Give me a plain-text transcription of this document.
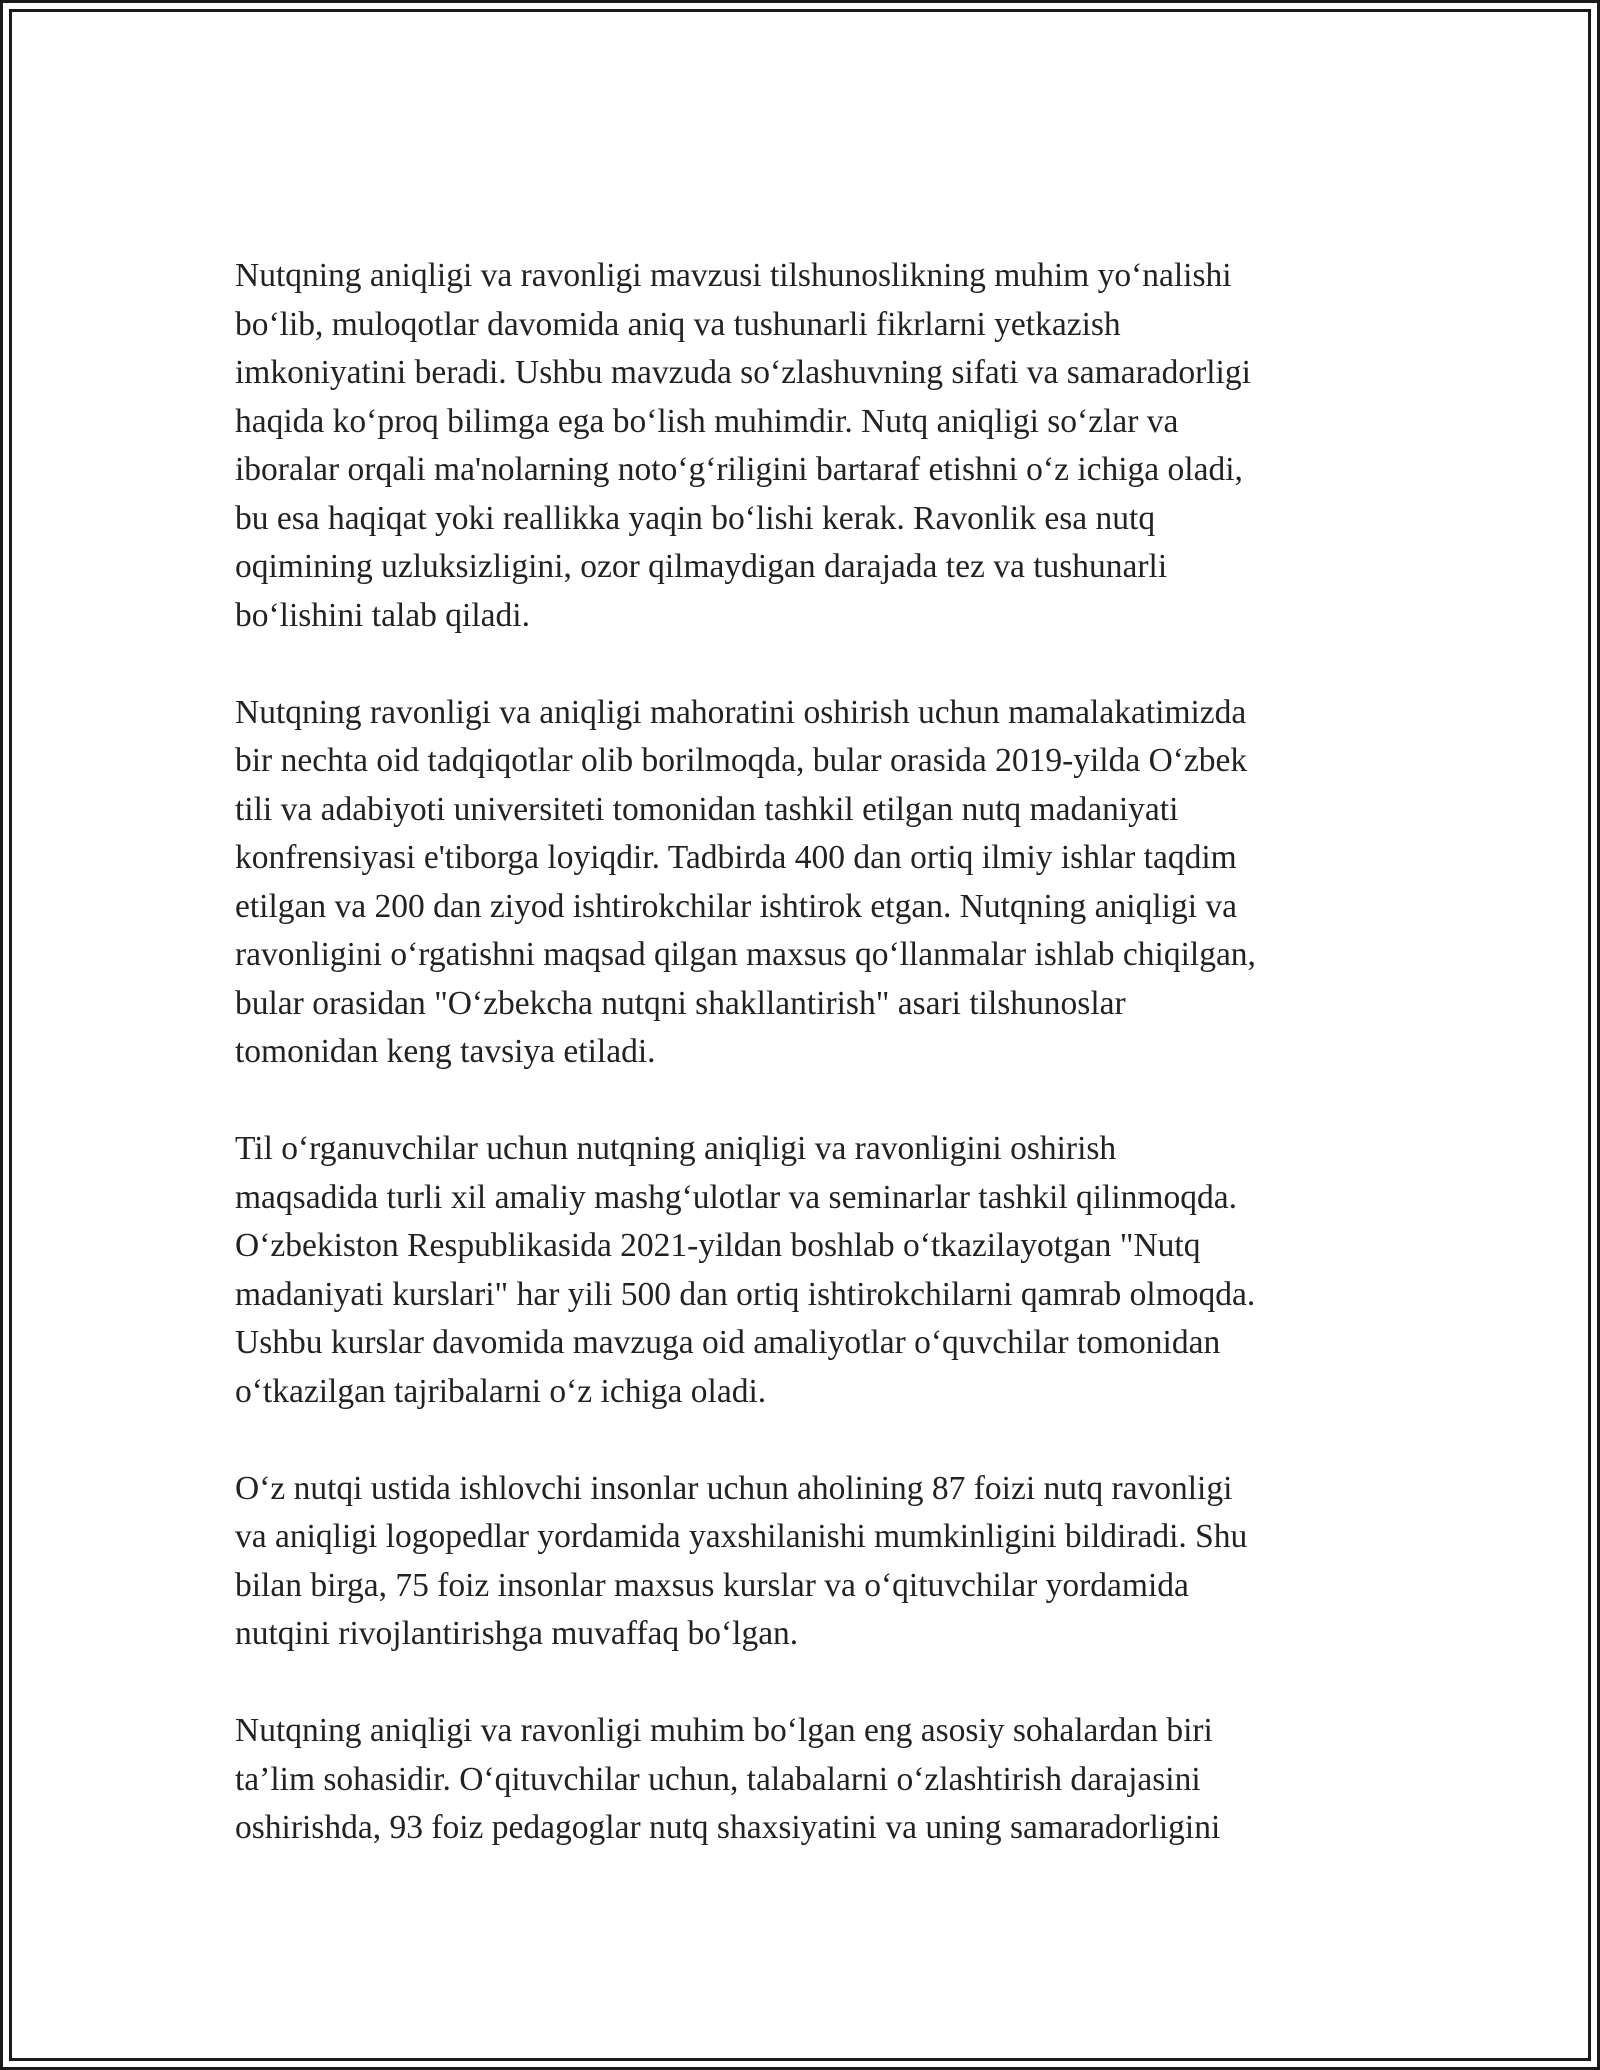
Nutqning aniqligi va ravonligi mavzusi tilshunoslikning muhim yo‘nalishi
bo‘lib, muloqotlar davomida aniq va tushunarli fikrlarni yetkazish
imkoniyatini beradi. Ushbu mavzuda so‘zlashuvning sifati va samaradorligi
haqida ko‘proq bilimga ega bo‘lish muhimdir. Nutq aniqligi so‘zlar va
iboralar orqali ma'nolarning noto‘g‘riligini bartaraf etishni o‘z ichiga oladi,
bu esa haqiqat yoki reallikka yaqin bo‘lishi kerak. Ravonlik esa nutq
oqimining uzluksizligini, ozor qilmaydigan darajada tez va tushunarli
bo‘lishini talab qiladi.

Nutqning ravonligi va aniqligi mahoratini oshirish uchun mamalakatimizda
bir nechta oid tadqiqotlar olib borilmoqda, bular orasida 2019-yilda O‘zbek
tili va adabiyoti universiteti tomonidan tashkil etilgan nutq madaniyati
konfrensiyasi e'tiborga loyiqdir. Tadbirda 400 dan ortiq ilmiy ishlar taqdim
etilgan va 200 dan ziyod ishtirokchilar ishtirok etgan. Nutqning aniqligi va
ravonligini o‘rgatishni maqsad qilgan maxsus qo‘llanmalar ishlab chiqilgan,
bular orasidan "O‘zbekcha nutqni shakllantirish" asari tilshunoslar
tomonidan keng tavsiya etiladi.

Til o‘rganuvchilar uchun nutqning aniqligi va ravonligini oshirish
maqsadida turli xil amaliy mashg‘ulotlar va seminarlar tashkil qilinmoqda.
O‘zbekiston Respublikasida 2021-yildan boshlab o‘tkazilayotgan "Nutq
madaniyati kurslari" har yili 500 dan ortiq ishtirokchilarni qamrab olmoqda.
Ushbu kurslar davomida mavzuga oid amaliyotlar o‘quvchilar tomonidan
o‘tkazilgan tajribalarni o‘z ichiga oladi.

O‘z nutqi ustida ishlovchi insonlar uchun aholining 87 foizi nutq ravonligi
va aniqligi logopedlar yordamida yaxshilanishi mumkinligini bildiradi. Shu
bilan birga, 75 foiz insonlar maxsus kurslar va o‘qituvchilar yordamida
nutqini rivojlantirishga muvaffaq bo‘lgan.

Nutqning aniqligi va ravonligi muhim bo‘lgan eng asosiy sohalardan biri
ta’lim sohasidir. O‘qituvchilar uchun, talabalarni o‘zlashtirish darajasini
oshirishda, 93 foiz pedagoglar nutq shaxsiyatini va uning samaradorligini
